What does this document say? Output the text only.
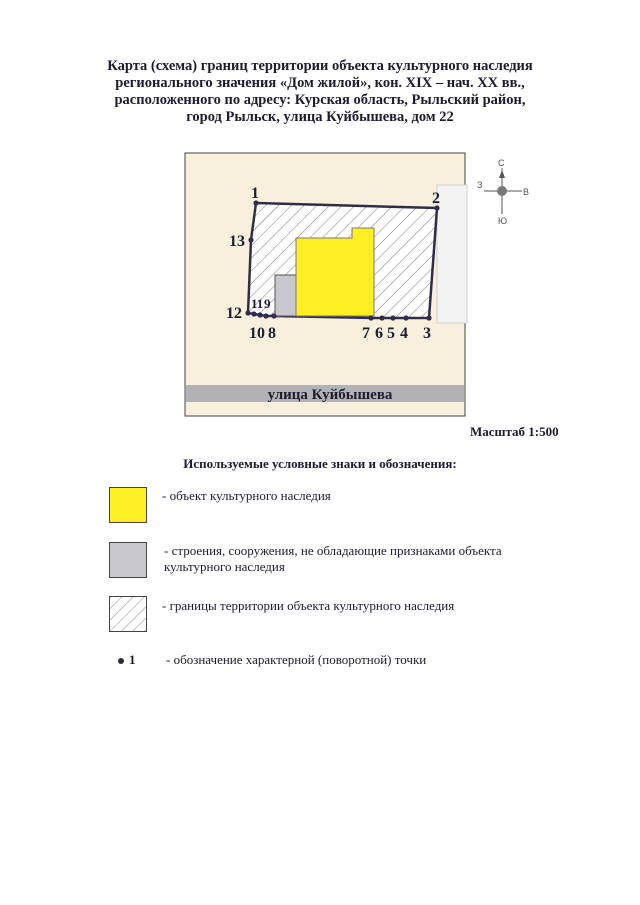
Карта (схема) границ территории объекта культурного наследия
регионального значения «Дом жилой», кон. XIX – нач. XX вв.,
расположенного по адресу: Курская область, Рыльский район,
город Рыльск, улица Куйбышева, дом 22
улица Куйбышева
1	2
3
4
5
6
7
8
9
10
11
12
13
С
Ю
З
В
Масштаб 1:500
Используемые условные знаки и обозначения:
- объект культурного наследия
- строения, сооружения, не обладающие признаками объекта
культурного наследия
- границы территории объекта культурного наследия
1 - обозначение характерной (поворотной) точки
